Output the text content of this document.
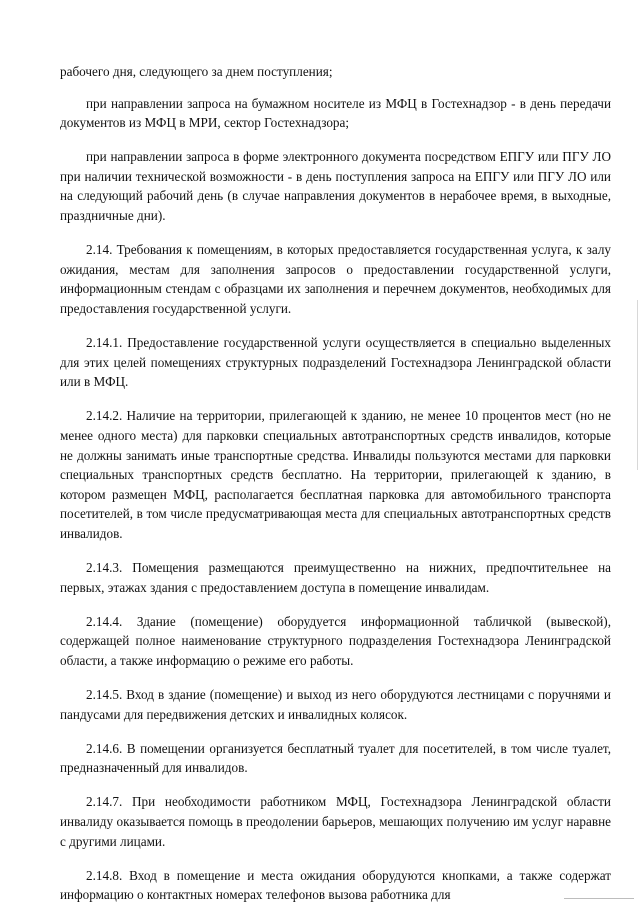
рабочего дня, следующего за днем поступления;

при направлении запроса на бумажном носителе из МФЦ в Гостехнадзор - в день передачи документов из МФЦ в МРИ, сектор Гостехнадзора;

при направлении запроса в форме электронного документа посредством ЕПГУ или ПГУ ЛО при наличии технической возможности - в день поступления запроса на ЕПГУ или ПГУ ЛО или на следующий рабочий день (в случае направления документов в нерабочее время, в выходные, праздничные дни).

2.14. Требования к помещениям, в которых предоставляется государственная услуга, к залу ожидания, местам для заполнения запросов о предоставлении государственной услуги, информационным стендам с образцами их заполнения и перечнем документов, необходимых для предоставления государственной услуги.

2.14.1. Предоставление государственной услуги осуществляется в специально выделенных для этих целей помещениях структурных подразделений Гостехнадзора Ленинградской области или в МФЦ.

2.14.2. Наличие на территории, прилегающей к зданию, не менее 10 процентов мест (но не менее одного места) для парковки специальных автотранспортных средств инвалидов, которые не должны занимать иные транспортные средства. Инвалиды пользуются местами для парковки специальных транспортных средств бесплатно. На территории, прилегающей к зданию, в котором размещен МФЦ, располагается бесплатная парковка для автомобильного транспорта посетителей, в том числе предусматривающая места для специальных автотранспортных средств инвалидов.

2.14.3. Помещения размещаются преимущественно на нижних, предпочтительнее на первых, этажах здания с предоставлением доступа в помещение инвалидам.

2.14.4. Здание (помещение) оборудуется информационной табличкой (вывеской), содержащей полное наименование структурного подразделения Гостехнадзора Ленинградской области, а также информацию о режиме его работы.

2.14.5. Вход в здание (помещение) и выход из него оборудуются лестницами с поручнями и пандусами для передвижения детских и инвалидных колясок.

2.14.6. В помещении организуется бесплатный туалет для посетителей, в том числе туалет, предназначенный для инвалидов.

2.14.7. При необходимости работником МФЦ, Гостехнадзора Ленинградской области инвалиду оказывается помощь в преодолении барьеров, мешающих получению им услуг наравне с другими лицами.

2.14.8. Вход в помещение и места ожидания оборудуются кнопками, а также содержат информацию о контактных номерах телефонов вызова работника для
